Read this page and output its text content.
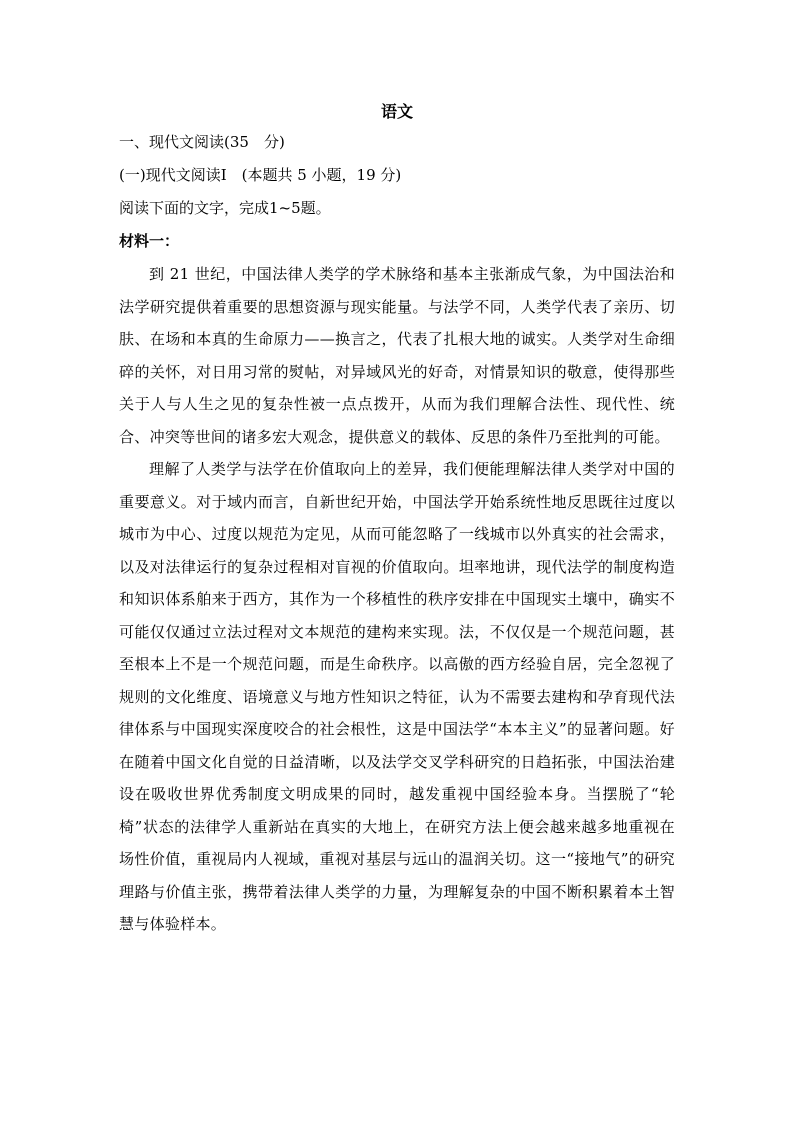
语文
一、现代文阅读(35　分)
(一)现代文阅读Ⅰ　(本题共 5 小题，19 分)
阅读下面的文字，完成1~5题。
材料一：

到 21 世纪，中国法律人类学的学术脉络和基本主张渐成气象，为中国法治和法学研究提供着重要的思想资源与现实能量。与法学不同，人类学代表了亲历、切肤、在场和本真的生命原力——换言之，代表了扎根大地的诚实。人类学对生命细碎的关怀，对日用习常的熨帖，对异域风光的好奇，对情景知识的敬意，使得那些关于人与人生之见的复杂性被一点点拨开，从而为我们理解合法性、现代性、统合、冲突等世间的诸多宏大观念，提供意义的载体、反思的条件乃至批判的可能。

理解了人类学与法学在价值取向上的差异，我们便能理解法律人类学对中国的重要意义。对于域内而言，自新世纪开始，中国法学开始系统性地反思既往过度以城市为中心、过度以规范为定见，从而可能忽略了一线城市以外真实的社会需求，以及对法律运行的复杂过程相对盲视的价值取向。坦率地讲，现代法学的制度构造和知识体系舶来于西方，其作为一个移植性的秩序安排在中国现实土壤中，确实不可能仅仅通过立法过程对文本规范的建构来实现。法，不仅仅是一个规范问题，甚至根本上不是一个规范问题，而是生命秩序。以高傲的西方经验自居，完全忽视了规则的文化维度、语境意义与地方性知识之特征，认为不需要去建构和孕育现代法律体系与中国现实深度咬合的社会根性，这是中国法学“本本主义”的显著问题。好在随着中国文化自觉的日益清晰，以及法学交叉学科研究的日趋拓张，中国法治建设在吸收世界优秀制度文明成果的同时，越发重视中国经验本身。当摆脱了“轮椅”状态的法律学人重新站在真实的大地上，在研究方法上便会越来越多地重视在场性价值，重视局内人视域，重视对基层与远山的温润关切。这一“接地气”的研究理路与价值主张，携带着法律人类学的力量，为理解复杂的中国不断积累着本土智慧与体验样本。
